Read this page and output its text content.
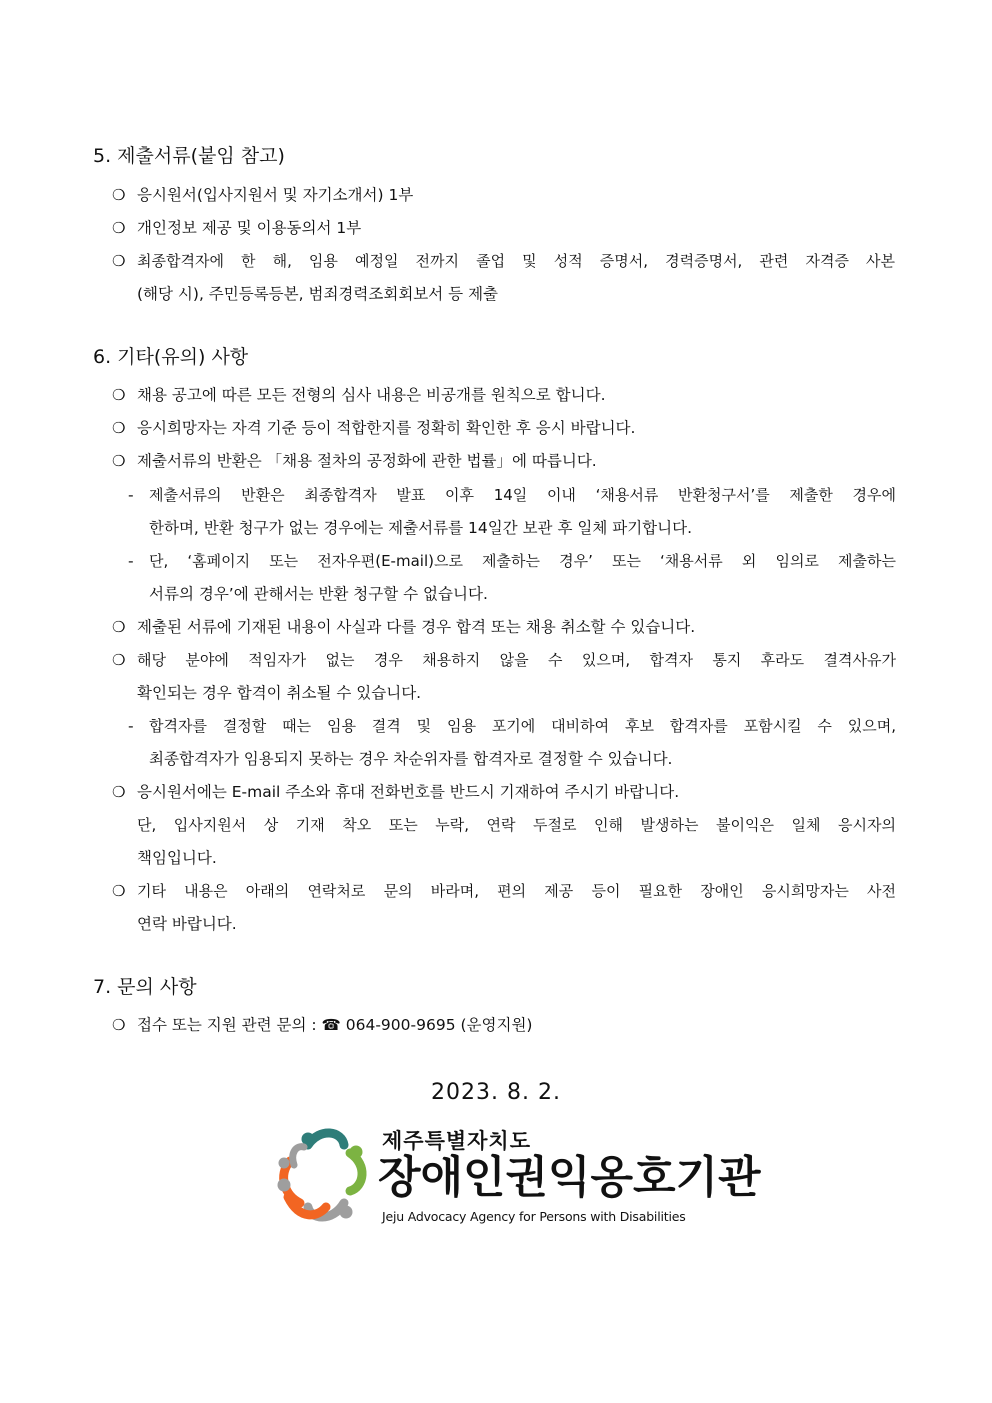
5. 제출서류(붙임 참고)
❍ 응시원서(입사지원서 및 자기소개서) 1부
❍ 개인정보 제공 및 이용동의서 1부
❍ 최종합격자에 한 해, 임용 예정일 전까지 졸업 및 성적 증명서, 경력증명서, 관련 자격증 사본
(해당 시), 주민등록등본, 범죄경력조회회보서 등 제출
6. 기타(유의) 사항
❍ 채용 공고에 따른 모든 전형의 심사 내용은 비공개를 원칙으로 합니다.
❍ 응시희망자는 자격 기준 등이 적합한지를 정확히 확인한 후 응시 바랍니다.
❍ 제출서류의 반환은 「채용 절차의 공정화에 관한 법률」에 따릅니다.
- 제출서류의 반환은 최종합격자 발표 이후 14일 이내 ‘채용서류 반환청구서’를 제출한 경우에
한하며, 반환 청구가 없는 경우에는 제출서류를 14일간 보관 후 일체 파기합니다.
- 단, ‘홈페이지 또는 전자우편(E-mail)으로 제출하는 경우’ 또는 ‘채용서류 외 임의로 제출하는
서류의 경우’에 관해서는 반환 청구할 수 없습니다.
❍ 제출된 서류에 기재된 내용이 사실과 다를 경우 합격 또는 채용 취소할 수 있습니다.
❍ 해당 분야에 적임자가 없는 경우 채용하지 않을 수 있으며, 합격자 통지 후라도 결격사유가
확인되는 경우 합격이 취소될 수 있습니다.
- 합격자를 결정할 때는 임용 결격 및 임용 포기에 대비하여 후보 합격자를 포함시킬 수 있으며,
최종합격자가 임용되지 못하는 경우 차순위자를 합격자로 결정할 수 있습니다.
❍ 응시원서에는 E-mail 주소와 휴대 전화번호를 반드시 기재하여 주시기 바랍니다.
단, 입사지원서 상 기재 착오 또는 누락, 연락 두절로 인해 발생하는 불이익은 일체 응시자의
책임입니다.
❍ 기타 내용은 아래의 연락처로 문의 바라며, 편의 제공 등이 필요한 장애인 응시희망자는 사전
연락 바랍니다.
7. 문의 사항
❍ 접수 또는 지원 관련 문의 : ☎ 064-900-9695 (운영지원)
2023. 8. 2.
제주특별자치도
장애인권익옹호기관
Jeju Advocacy Agency for Persons with Disabilities
